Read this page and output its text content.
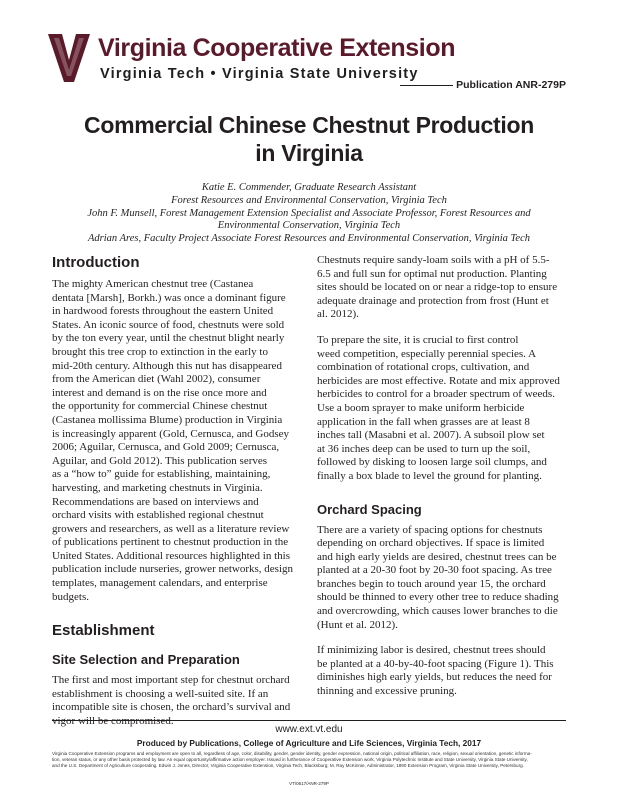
Virginia Cooperative Extension
Virginia Tech • Virginia State University
Publication ANR-279P
Commercial Chinese Chestnut Production
in Virginia
Katie E. Commender, Graduate Research Assistant
Forest Resources and Environmental Conservation, Virginia Tech
John F. Munsell, Forest Management Extension Specialist and Associate Professor, Forest Resources and
Environmental Conservation, Virginia Tech
Adrian Ares, Faculty Project Associate Forest Resources and Environmental Conservation, Virginia Tech
Introduction

The mighty American chestnut tree (Castanea
dentata [Marsh], Borkh.) was once a dominant figure
in hardwood forests throughout the eastern United
States. An iconic source of food, chestnuts were sold
by the ton every year, until the chestnut blight nearly
brought this tree crop to extinction in the early to
mid-20th century. Although this nut has disappeared
from the American diet (Wahl 2002), consumer
interest and demand is on the rise once more and
the opportunity for commercial Chinese chestnut
(Castanea mollissima Blume) production in Virginia
is increasingly apparent (Gold, Cernusca, and Godsey
2006; Aguilar, Cernusca, and Gold 2009; Cernusca,
Aguilar, and Gold 2012). This publication serves
as a “how to” guide for establishing, maintaining,
harvesting, and marketing chestnuts in Virginia.
Recommendations are based on interviews and
orchard visits with established regional chestnut
growers and researchers, as well as a literature review
of publications pertinent to chestnut production in the
United States. Additional resources highlighted in this
publication include nurseries, grower networks, design
templates, management calendars, and enterprise
budgets.

Establishment
Site Selection and Preparation

The first and most important step for chestnut orchard
establishment is choosing a well-suited site. If an
incompatible site is chosen, the orchard’s survival and
vigor will be compromised.

Chestnuts require sandy-loam soils with a pH of 5.5-
6.5 and full sun for optimal nut production. Planting
sites should be located on or near a ridge-top to ensure
adequate drainage and protection from frost (Hunt et
al. 2012).

To prepare the site, it is crucial to first control
weed competition, especially perennial species. A
combination of rotational crops, cultivation, and
herbicides are most effective. Rotate and mix approved
herbicides to control for a broader spectrum of weeds.
Use a boom sprayer to make uniform herbicide
application in the fall when grasses are at least 8
inches tall (Masabni et al. 2007). A subsoil plow set
at 36 inches deep can be used to turn up the soil,
followed by disking to loosen large soil clumps, and
finally a box blade to level the ground for planting.

Orchard Spacing

There are a variety of spacing options for chestnuts
depending on orchard objectives. If space is limited
and high early yields are desired, chestnut trees can be
planted at a 20-30 foot by 20-30 foot spacing. As tree
branches begin to touch around year 15, the orchard
should be thinned to every other tree to reduce shading
and overcrowding, which causes lower branches to die
(Hunt et al. 2012).

If minimizing labor is desired, chestnut trees should
be planted at a 40-by-40-foot spacing (Figure 1). This
diminishes high early yields, but reduces the need for
thinning and excessive pruning.

www.ext.vt.edu
Produced by Publications, College of Agriculture and Life Sciences, Virginia Tech, 2017
Virginia Cooperative Extension programs and employment are open to all, regardless of age, color, disability, gender, gender identity, gender expression, national origin, political affiliation, race, religion, sexual orientation, genetic informa-
tion, veteran status, or any other basis protected by law. An equal opportunity/affirmative action employer. Issued in furtherance of Cooperative Extension work, Virginia Polytechnic Institute and State University, Virginia State University,
and the U.S. Department of Agriculture cooperating. Edwin J. Jones, Director, Virginia Cooperative Extension, Virginia Tech, Blacksburg; M. Ray McKinnie, Administrator, 1890 Extension Program, Virginia State University, Petersburg.
VT/0617/ANR-279P
